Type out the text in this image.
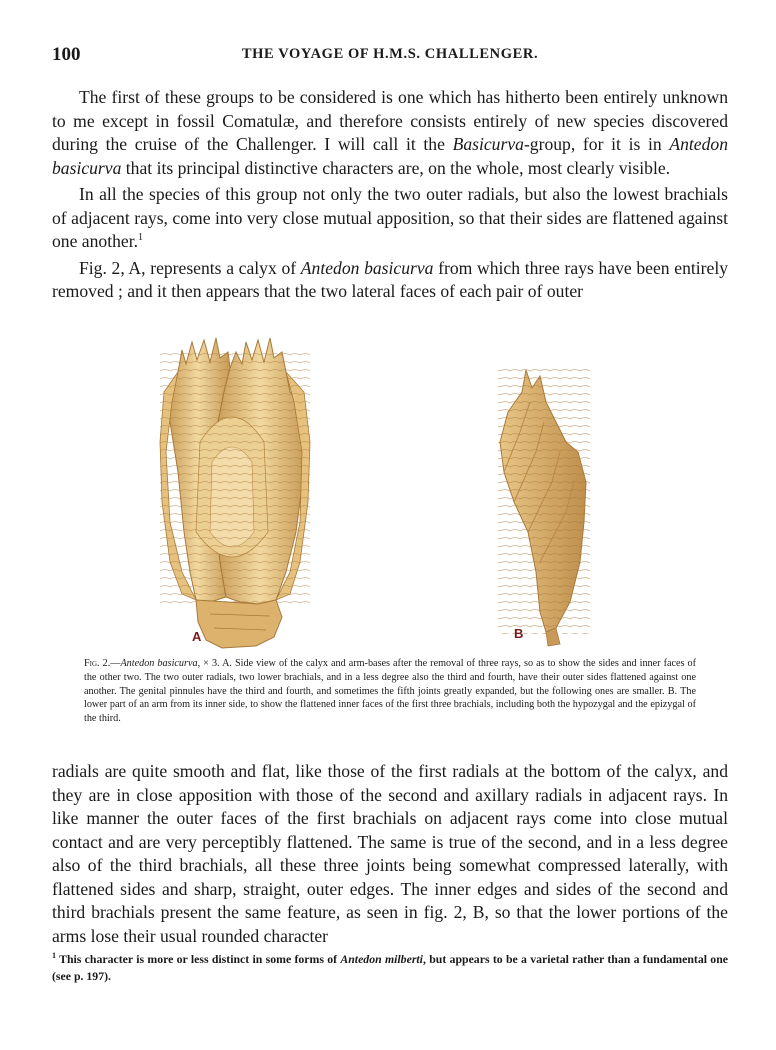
100	THE VOYAGE OF H.M.S. CHALLENGER.

The first of these groups to be considered is one which has hitherto been entirely unknown to me except in fossil Comatulæ, and therefore consists entirely of new species discovered during the cruise of the Challenger. I will call it the Basicurva-group, for it is in Antedon basicurva that its principal distinctive characters are, on the whole, most clearly visible.

In all the species of this group not only the two outer radials, but also the lowest brachials of adjacent rays, come into very close mutual apposition, so that their sides are flattened against one another.$^1$

Fig. 2, A, represents a calyx of Antedon basicurva from which three rays have been entirely removed ; and it then appears that the two lateral faces of each pair of outer

A	B
Fig. 2.—Antedon basicurva, × 3. A. Side view of the calyx and arm-bases after the removal of three rays, so as to show the sides and inner faces of the other two. The two outer radials, two lower brachials, and in a less degree also the third and fourth, have their outer sides flattened against one another. The genital pinnules have the third and fourth, and sometimes the fifth joints greatly expanded, but the following ones are smaller. B. The lower part of an arm from its inner side, to show the flattened inner faces of the first three brachials, including both the hypozygal and the epizygal of the third.

radials are quite smooth and flat, like those of the first radials at the bottom of the calyx, and they are in close apposition with those of the second and axillary radials in adjacent rays. In like manner the outer faces of the first brachials on adjacent rays come into close mutual contact and are very perceptibly flattened. The same is true of the second, and in a less degree also of the third brachials, all these three joints being somewhat compressed laterally, with flattened sides and sharp, straight, outer edges. The inner edges and sides of the second and third brachials present the same feature, as seen in fig. 2, B, so that the lower portions of the arms lose their usual rounded character

$^1$ This character is more or less distinct in some forms of Antedon milberti, but appears to be a varietal rather than a fundamental one (see p. 197).
